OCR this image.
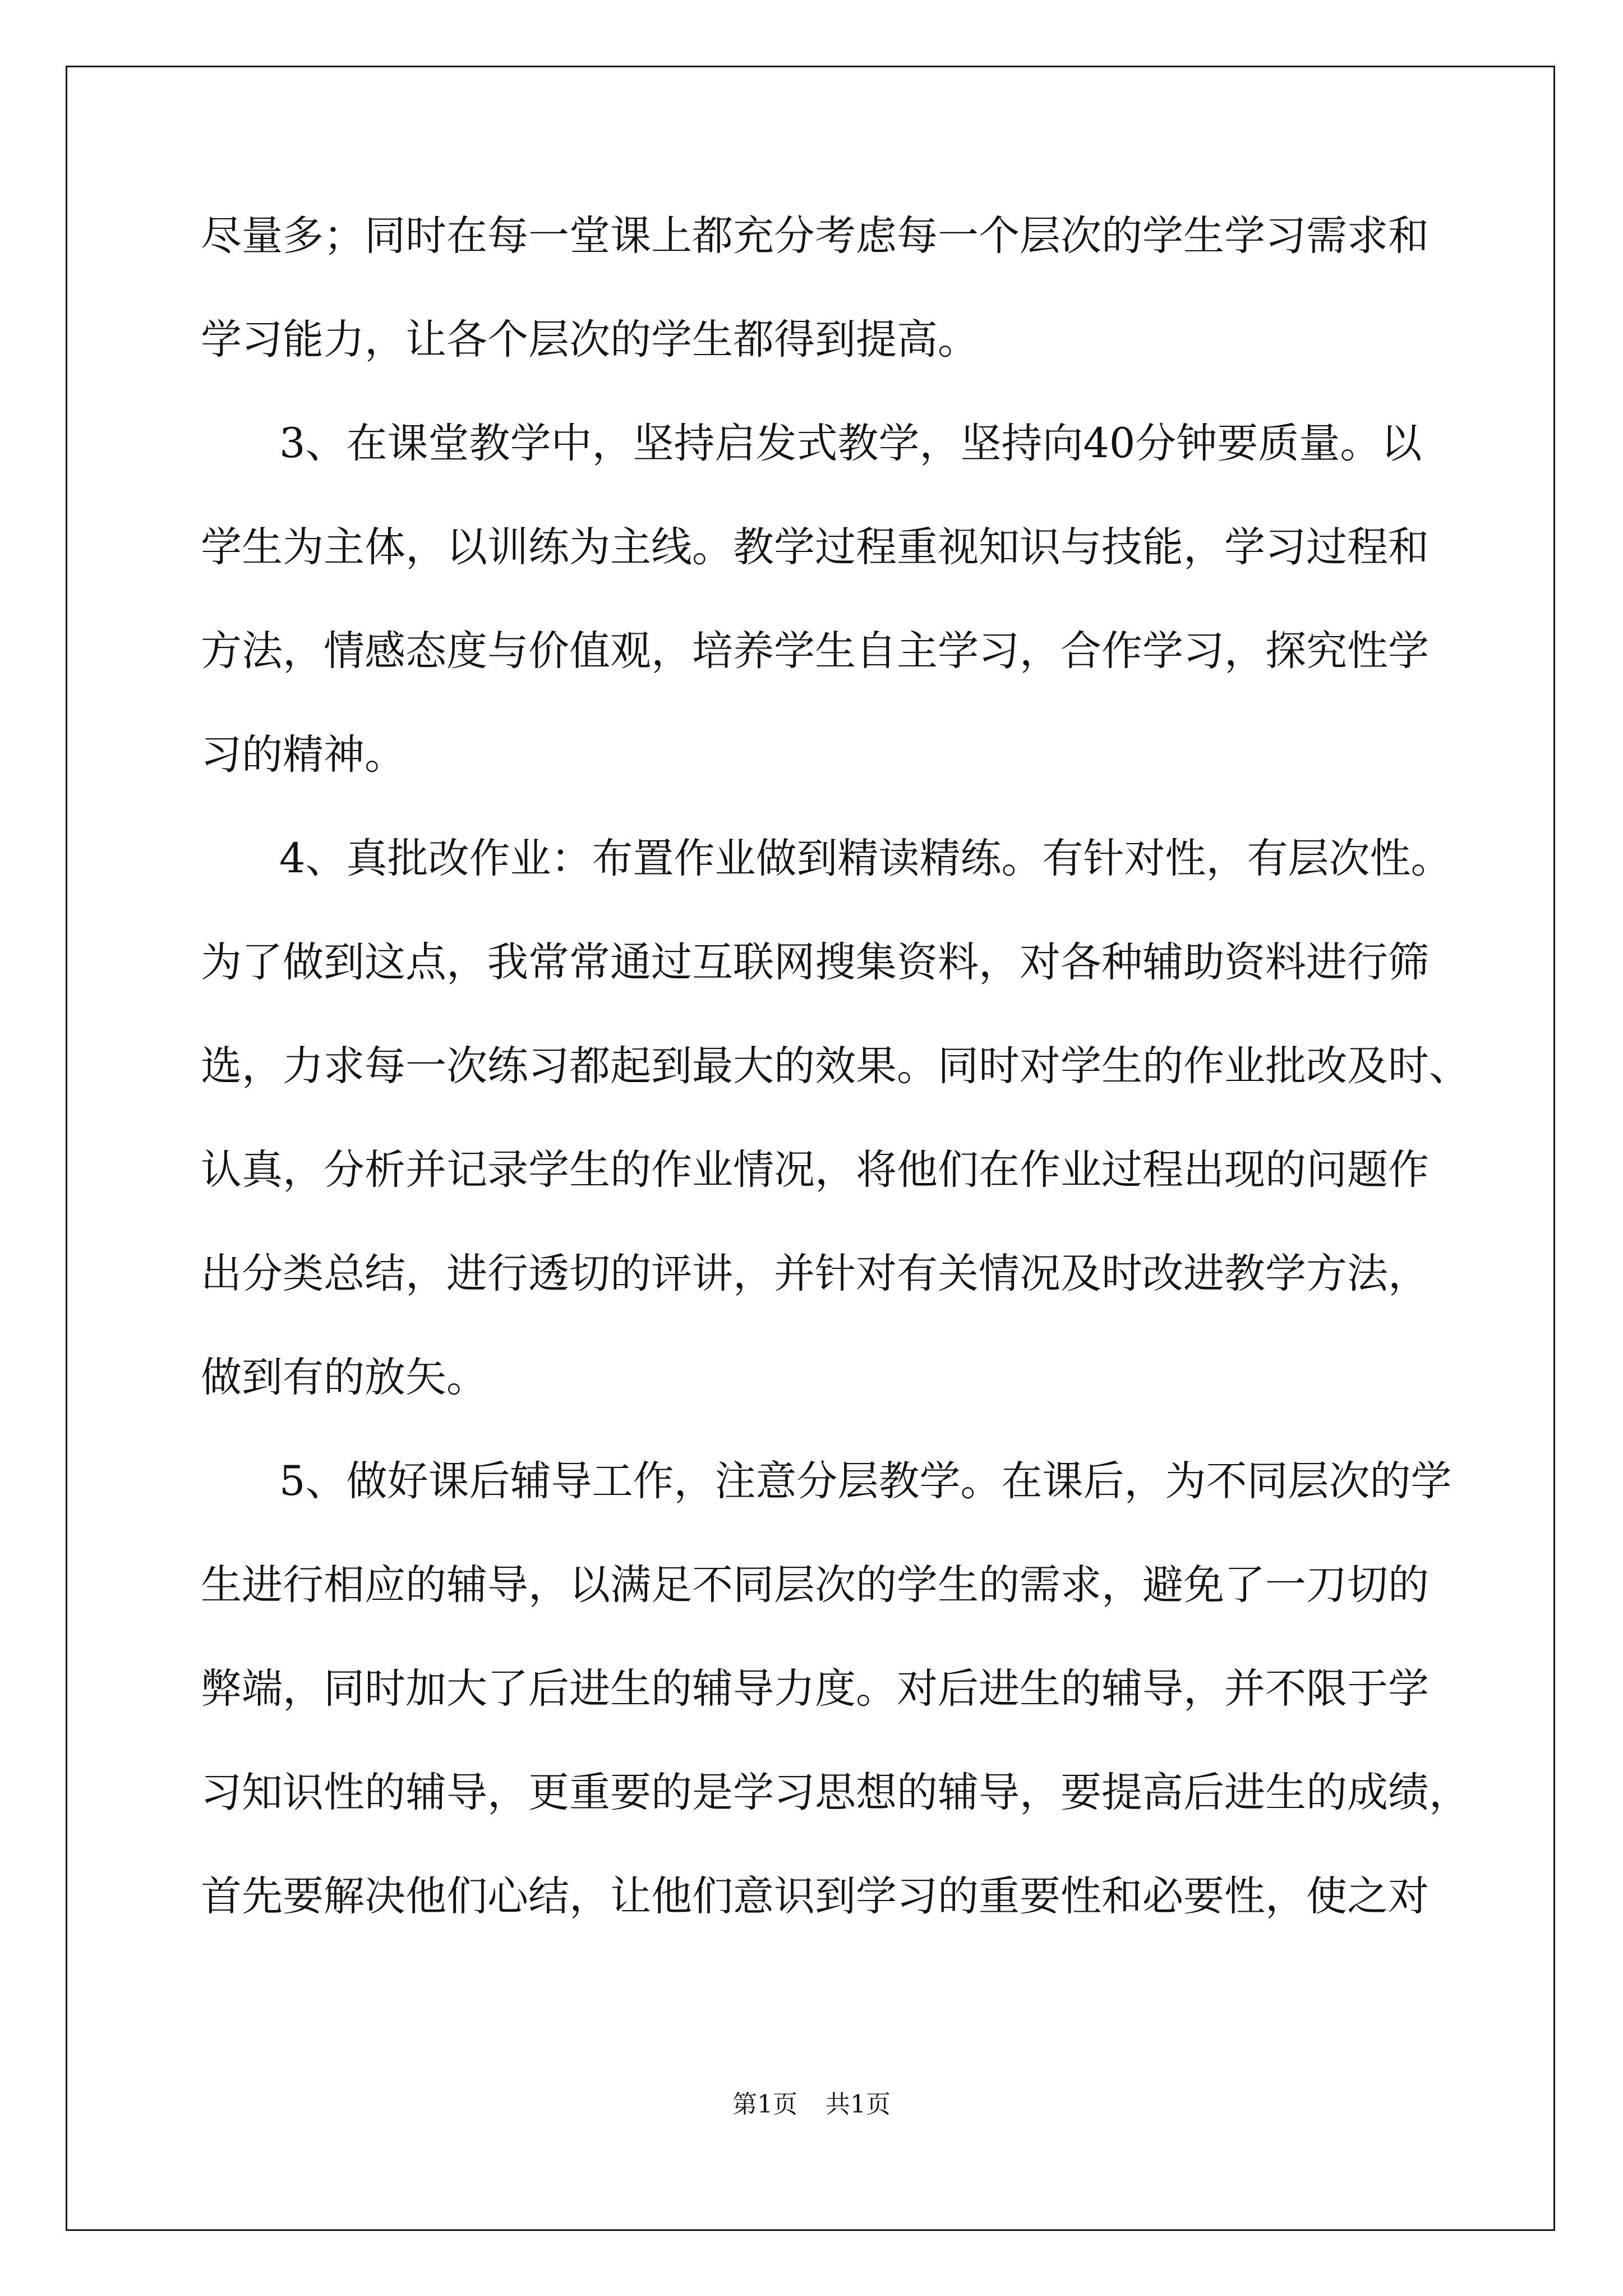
尽量多；同时在每一堂课上都充分考虑每一个层次的学生学习需求和
学习能力，让各个层次的学生都得到提高。
3、在课堂教学中，坚持启发式教学，坚持向40分钟要质量。以
学生为主体，以训练为主线。教学过程重视知识与技能，学习过程和
方法，情感态度与价值观，培养学生自主学习，合作学习，探究性学
习的精神。
4、真批改作业：布置作业做到精读精练。有针对性，有层次性。
为了做到这点，我常常通过互联网搜集资料，对各种辅助资料进行筛
选，力求每一次练习都起到最大的效果。同时对学生的作业批改及时、
认真，分析并记录学生的作业情况，将他们在作业过程出现的问题作
出分类总结，进行透切的评讲，并针对有关情况及时改进教学方法，
做到有的放矢。
5、做好课后辅导工作，注意分层教学。在课后，为不同层次的学
生进行相应的辅导，以满足不同层次的学生的需求，避免了一刀切的
弊端，同时加大了后进生的辅导力度。对后进生的辅导，并不限于学
习知识性的辅导，更重要的是学习思想的辅导，要提高后进生的成绩，
首先要解决他们心结，让他们意识到学习的重要性和必要性，使之对
第1页 共1页
